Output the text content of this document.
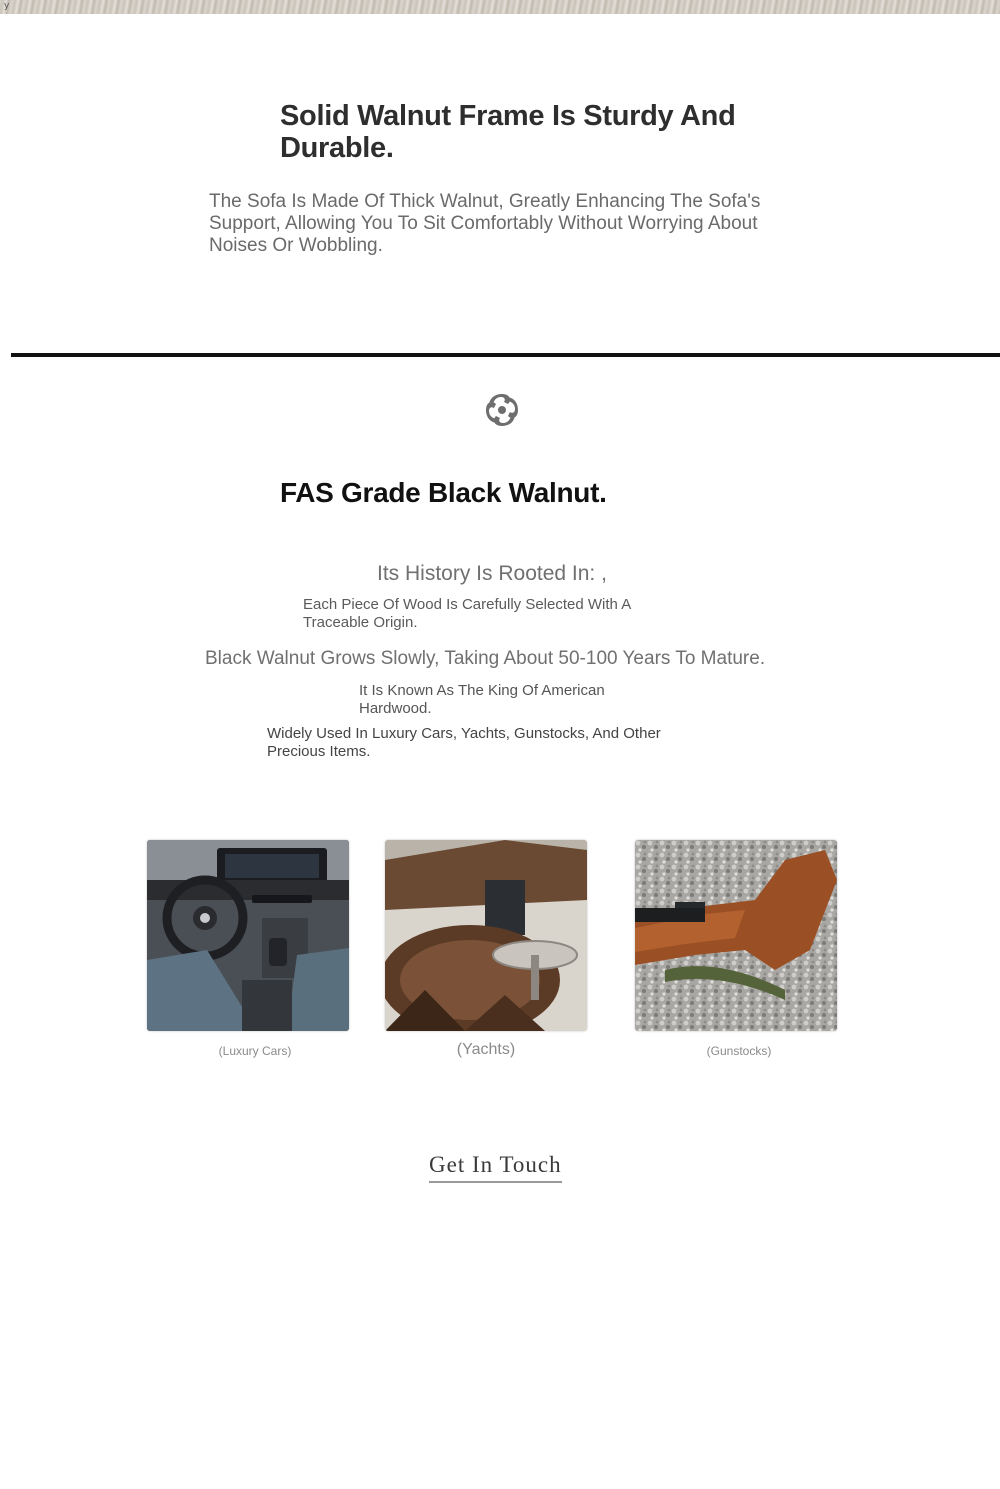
y
Solid Walnut Frame Is Sturdy And Durable.

The Sofa Is Made Of Thick Walnut, Greatly Enhancing The Sofa's Support, Allowing You To Sit Comfortably Without Worrying About Noises Or Wobbling.

FAS Grade Black Walnut.
Its History Is Rooted In: ,
Each Piece Of Wood Is Carefully Selected With A Traceable Origin.
Black Walnut Grows Slowly, Taking About 50-100 Years To Mature.
It Is Known As The King Of American Hardwood.
Widely Used In Luxury Cars, Yachts, Gunstocks, And Other Precious Items.
(Luxury Cars)	(Yachts)	(Gunstocks)
Get In Touch
